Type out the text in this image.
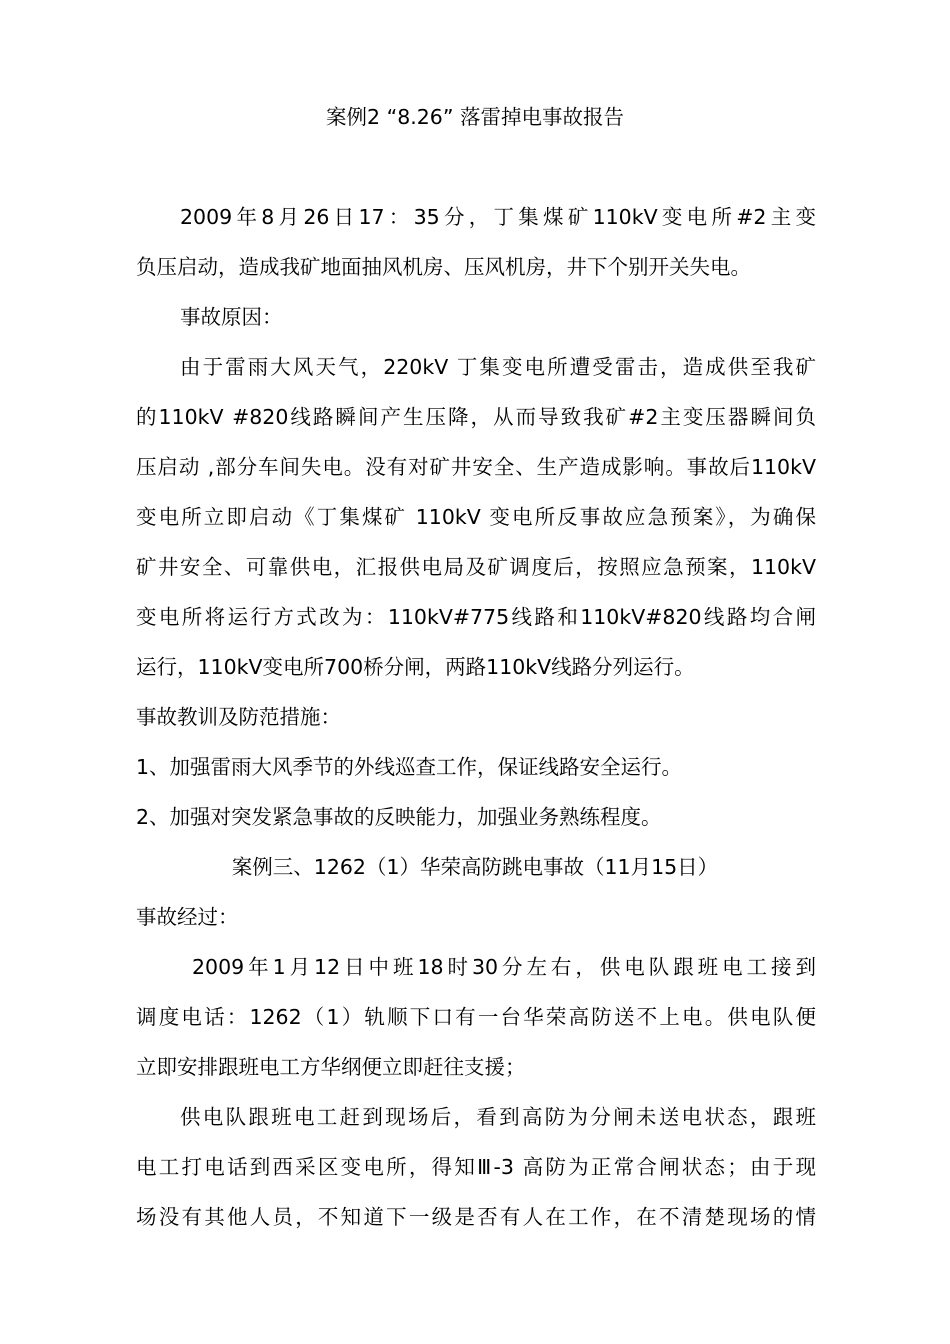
案例2 “8.26” 落雷掉电事故报告
2009年8月26日17：35分，丁集煤矿110kV变电所#2主变
负压启动，造成我矿地面抽风机房、压风机房，井下个别开关失电。
事故原因：
由于雷雨大风天气，220kV 丁集变电所遭受雷击，造成供至我矿
的110kV #820线路瞬间产生压降，从而导致我矿#2主变压器瞬间负
压启动 ,部分车间失电。没有对矿井安全、生产造成影响。事故后110kV
变电所立即启动《丁集煤矿 110kV 变电所反事故应急预案》，为确保
矿井安全、可靠供电，汇报供电局及矿调度后，按照应急预案，110kV
变电所将运行方式改为：110kV#775线路和110kV#820线路均合闸
运行，110kV变电所700桥分闸，两路110kV线路分列运行。
事故教训及防范措施：
1、加强雷雨大风季节的外线巡查工作，保证线路安全运行。
2、加强对突发紧急事故的反映能力，加强业务熟练程度。
案例三、1262（1）华荣高防跳电事故（11月15日）
事故经过：
2009年1月12日中班18时30分左右，供电队跟班电工接到
调度电话：1262（1）轨顺下口有一台华荣高防送不上电。供电队便
立即安排跟班电工方华纲便立即赶往支援；
供电队跟班电工赶到现场后，看到高防为分闸未送电状态，跟班
电工打电话到西采区变电所，得知Ⅲ-3 高防为正常合闸状态；由于现
场没有其他人员，不知道下一级是否有人在工作，在不清楚现场的情
